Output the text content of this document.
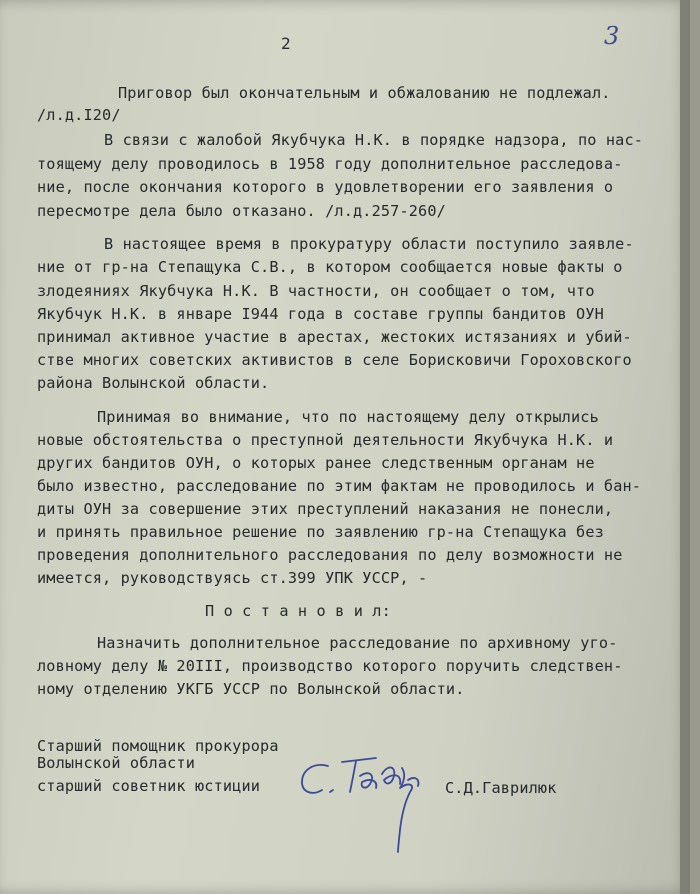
2	3
Приговор был окончательным и обжалованию не подлежал.
/л.д.I20/
В связи с жалобой Якубчука Н.К. в порядке надзора, по нас-
тоящему делу проводилось в 1958 году дополнительное расследова-
ние, после окончания которого в удовлетворении его заявления о
пересмотре дела было отказано. /л.д.257-260/
В настоящее время в прокуратуру области поступило заявле-
ние от гр-на Степащука С.В., в котором сообщается новые факты о
злодеяниях Якубчука Н.К. В частности, он сообщает о том, что
Якубчук Н.К. в январе I944 года в составе группы бандитов ОУН
принимал активное участие в арестах, жестоких истязаниях и убий-
стве многих советских активистов в селе Борисковичи Гороховского
района Волынской области.
Принимая во внимание, что по настоящему делу открылись
новые обстоятельства о преступной деятельности Якубчука Н.К. и
других бандитов ОУН, о которых ранее следственным органам не
было известно, расследование по этим фактам не проводилось и бан-
диты ОУН за совершение этих преступлений наказания не понесли,
и принять правильное решение по заявлению гр-на Степащука без
проведения дополнительного расследования по делу возможности не
имеется, руководствуясь ст.399 УПК УССР, -
П о с т а н о в и л:
Назначить дополнительное расследование по архивному уго-
ловному делу № 20III, производство которого поручить следствен-
ному отделению УКГБ УССР по Волынской области.
Старший помощник прокурора
Волынской области
старший советник юстиции	С.Д.Гаврилюк
